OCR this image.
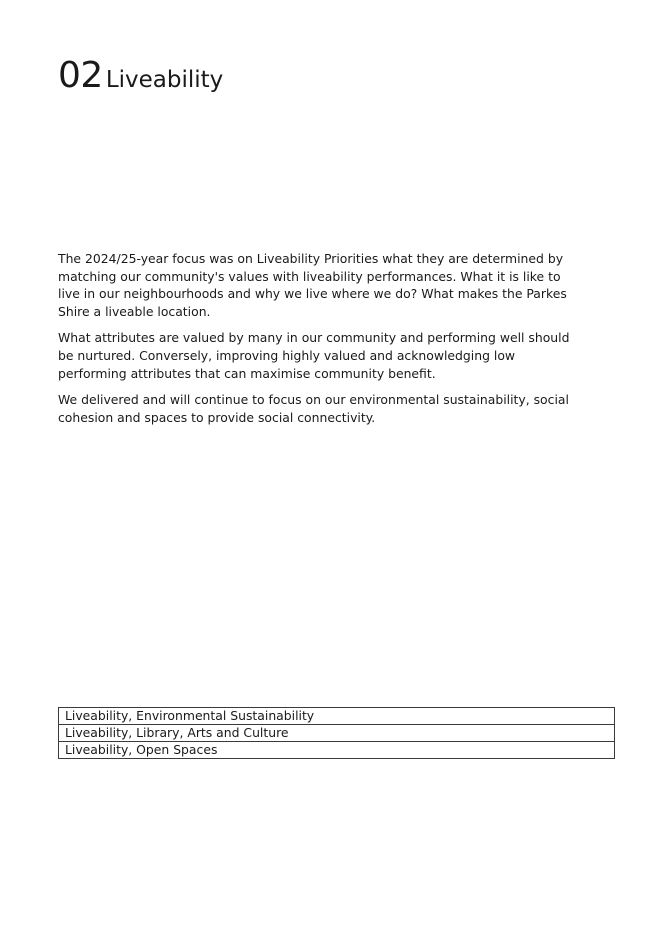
02 Liveability

The 2024/25-year focus was on Liveability Priorities what they are determined by matching our community's values with liveability performances. What it is like to live in our neighbourhoods and why we live where we do? What makes the Parkes Shire a liveable location.

What attributes are valued by many in our community and performing well should be nurtured. Conversely, improving highly valued and acknowledging low performing attributes that can maximise community benefit.

We delivered and will continue to focus on our environmental sustainability, social cohesion and spaces to provide social connectivity.

Liveability, Environmental Sustainability
Liveability, Library, Arts and Culture
Liveability, Open Spaces
